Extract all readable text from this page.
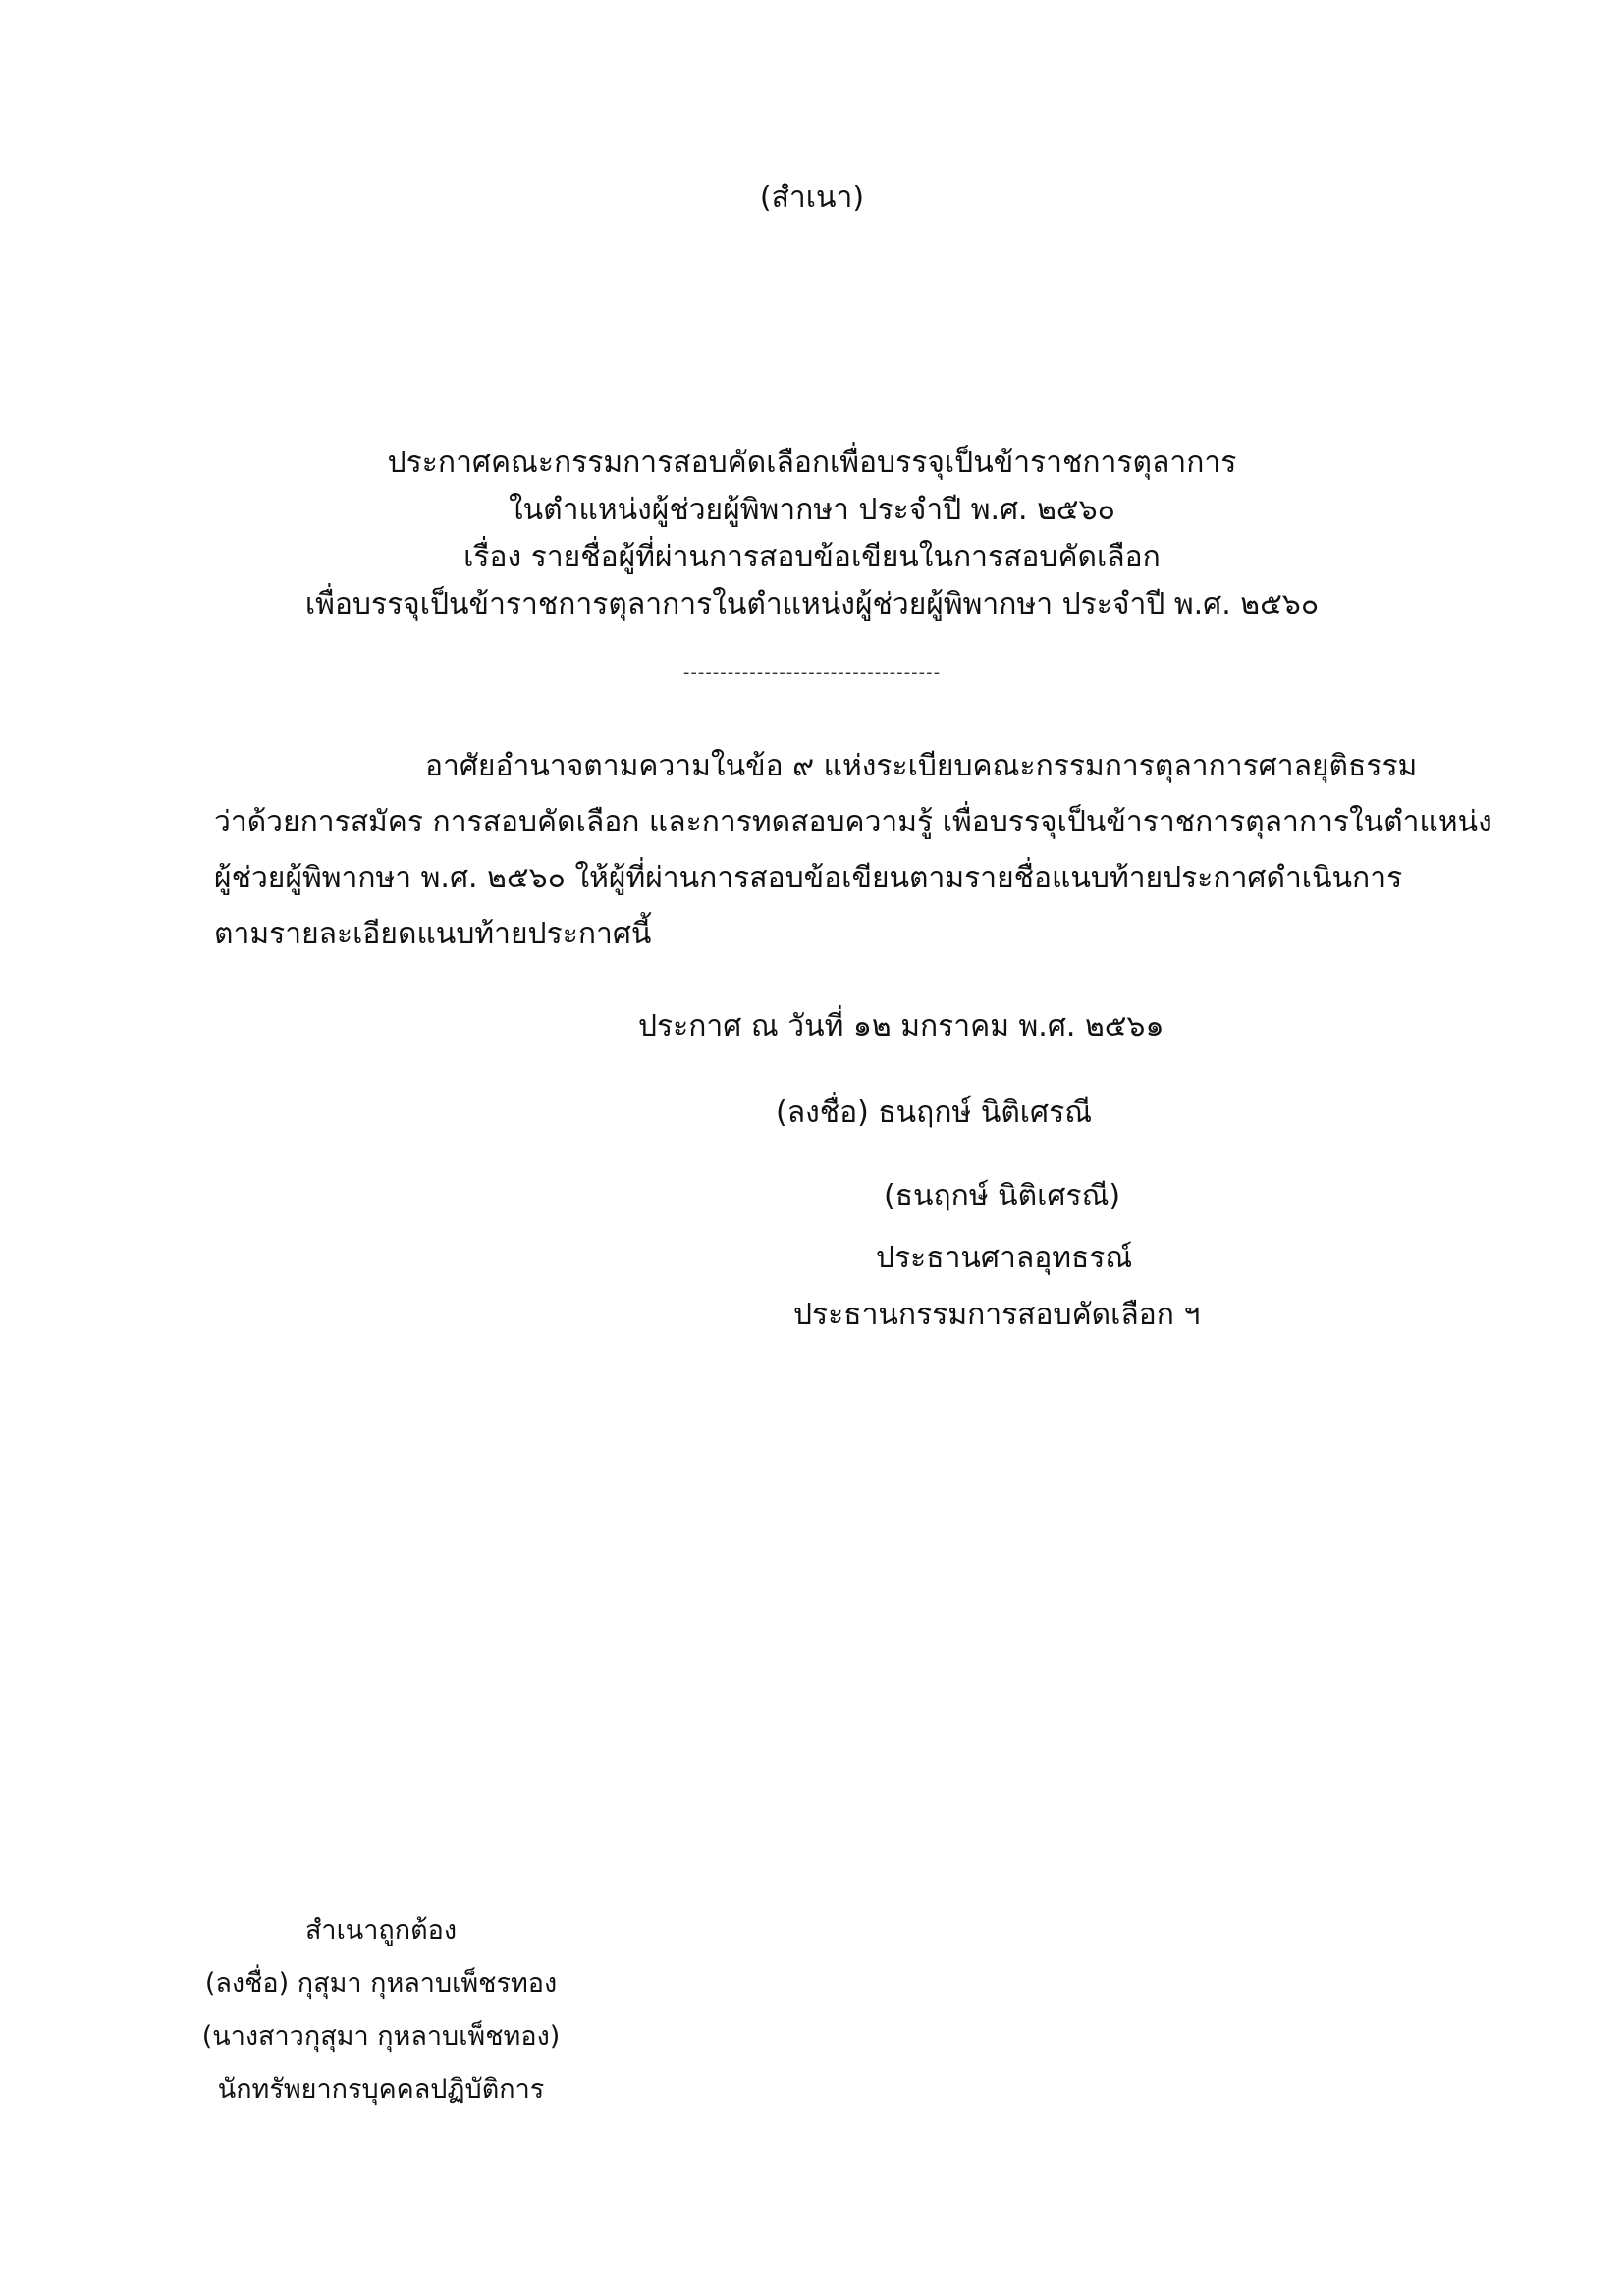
(สำเนา)
ประกาศคณะกรรมการสอบคัดเลือกเพื่อบรรจุเป็นข้าราชการตุลาการ
ในตำแหน่งผู้ช่วยผู้พิพากษา ประจำปี พ.ศ. ๒๕๖๐
เรื่อง รายชื่อผู้ที่ผ่านการสอบข้อเขียนในการสอบคัดเลือก
เพื่อบรรจุเป็นข้าราชการตุลาการในตำแหน่งผู้ช่วยผู้พิพากษา ประจำปี พ.ศ. ๒๕๖๐
-----------------------------------
อาศัยอำนาจตามความในข้อ ๙ แห่งระเบียบคณะกรรมการตุลาการศาลยุติธรรม
ว่าด้วยการสมัคร การสอบคัดเลือก และการทดสอบความรู้ เพื่อบรรจุเป็นข้าราชการตุลาการในตำแหน่ง
ผู้ช่วยผู้พิพากษา พ.ศ. ๒๕๖๐ ให้ผู้ที่ผ่านการสอบข้อเขียนตามรายชื่อแนบท้ายประกาศดำเนินการ
ตามรายละเอียดแนบท้ายประกาศนี้
ประกาศ ณ วันที่ ๑๒ มกราคม พ.ศ. ๒๕๖๑
(ลงชื่อ) ธนฤกษ์ นิติเศรณี
(ธนฤกษ์ นิติเศรณี)
ประธานศาลอุทธรณ์
ประธานกรรมการสอบคัดเลือก ฯ
สำเนาถูกต้อง
(ลงชื่อ) กุสุมา กุหลาบเพ็ชรทอง
(นางสาวกุสุมา กุหลาบเพ็ชทอง)
นักทรัพยากรบุคคลปฏิบัติการ
